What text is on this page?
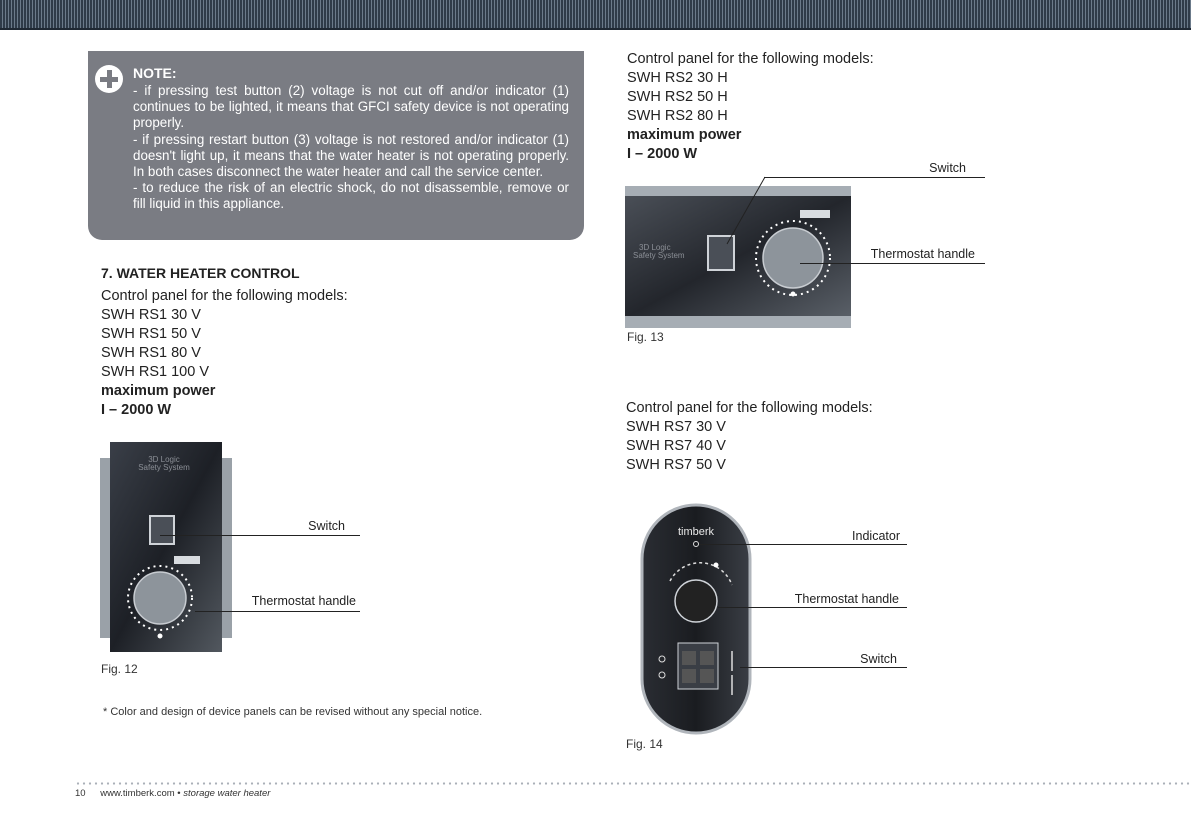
NOTE:

- if pressing test button (2) voltage is not cut off and/or indicator (1) continues to be lighted, it means that GFCI safety device is not operating properly.

- if pressing restart button (3) voltage is not restored and/or indicator (1) doesn't light up, it means that the water heater is not operating properly. In both cases disconnect the water heater and call the service center.

- to reduce the risk of an electric shock, do not disassemble, remove or fill liquid in this appliance.

7. WATER HEATER CONTROL
Control panel for the following models:
SWH RS1 30 V
SWH RS1 50 V
SWH RS1 80 V
SWH RS1 100 V
maximum power
I – 2000 W
3D Logic
Safety System
Switch
Thermostat handle
Fig. 12
* Color and design of device panels can be revised without any special notice.
Control panel for the following models:
SWH RS2 30 H
SWH RS2 50 H
SWH RS2 80 H
maximum power
I – 2000 W
3D Logic
Safety System
Switch
Thermostat handle
Fig. 13
Control panel for the following models:
SWH RS7 30 V
SWH RS7 40 V
SWH RS7 50 V
timberk	Indicator
Thermostat handle
Switch
Fig. 14
10 www.timberk.com • storage water heater
